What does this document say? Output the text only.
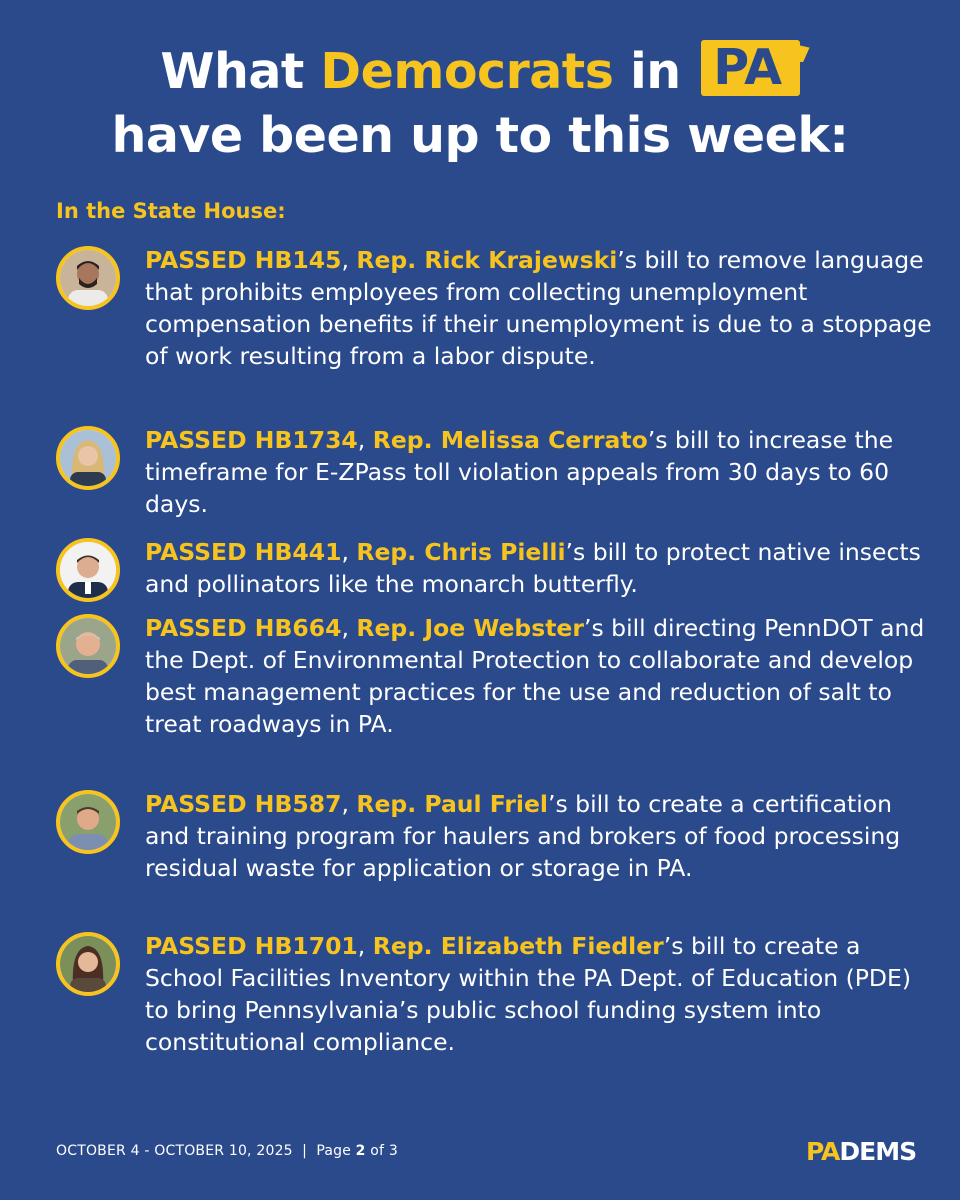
What Democrats in PA
have been up to this week:
In the State House:
PASSED HB145, Rep. Rick Krajewski’s bill to remove language that prohibits employees from collecting unemployment compensation benefits if their unemployment is due to a stoppage of work resulting from a labor dispute.
PASSED HB1734, Rep. Melissa Cerrato’s bill to increase the timeframe for E-ZPass toll violation appeals from 30 days to 60 days.
PASSED HB441, Rep. Chris Pielli’s bill to protect native insects and pollinators like the monarch butterfly.
PASSED HB664, Rep. Joe Webster’s bill directing PennDOT and the Dept. of Environmental Protection to collaborate and develop best management practices for the use and reduction of salt to treat roadways in PA.
PASSED HB587, Rep. Paul Friel’s bill to create a certification and training program for haulers and brokers of food processing residual waste for application or storage in PA.
PASSED HB1701, Rep. Elizabeth Fiedler’s bill to create a School Facilities Inventory within the PA Dept. of Education (PDE) to bring Pennsylvania’s public school funding system into constitutional compliance.
OCTOBER 4 - OCTOBER 10, 2025  |  Page 2 of 3	PADEMS
